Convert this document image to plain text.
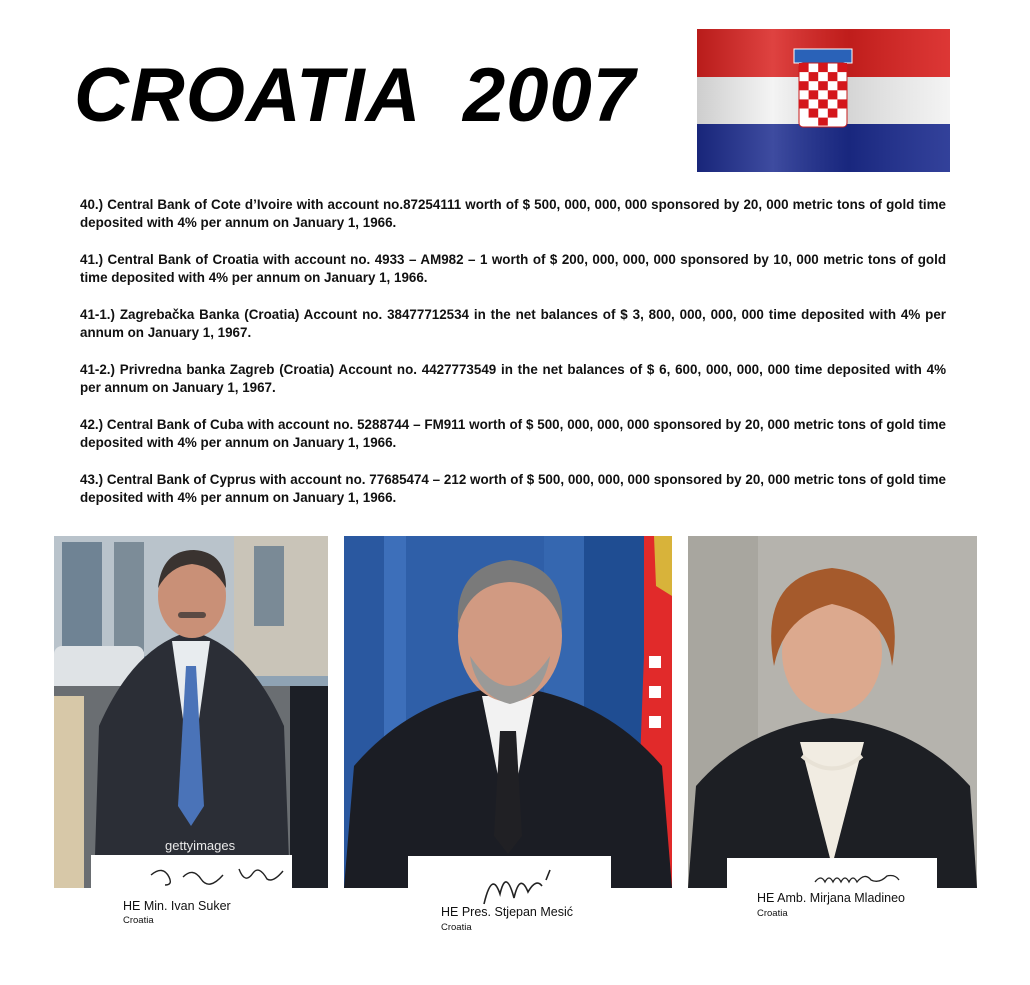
CROATIA  2007

40.) Central Bank of Cote d’Ivoire with account no.87254111 worth of $ 500, 000, 000, 000 sponsored by 20, 000 metric tons of gold time deposited with 4% per annum on January 1, 1966.

41.) Central Bank of Croatia with account no. 4933 – AM982 – 1 worth of $ 200, 000, 000, 000 sponsored by 10, 000 metric tons of gold time deposited with 4% per annum on January 1, 1966.

41-1.) Zagrebačka Banka (Croatia) Account no. 38477712534 in the net balances of $ 3, 800, 000, 000, 000 time deposited with 4% per annum on January 1, 1967.

41-2.) Privredna banka Zagreb (Croatia) Account no. 4427773549 in the net balances of $ 6, 600, 000, 000, 000 time deposited with 4% per annum on January 1, 1967.

42.) Central Bank of Cuba with account no. 5288744 – FM911 worth of $ 500, 000, 000, 000 sponsored by 20, 000 metric tons of gold time deposited with 4% per annum on January 1, 1966.

43.) Central Bank of Cyprus with account no. 77685474 – 212 worth of $ 500, 000, 000, 000 sponsored by 20, 000 metric tons of gold time deposited with 4% per annum on January 1, 1966.

gettyimages
HE Min. Ivan Suker
Croatia
HE Pres. Stjepan Mesić
Croatia
HE Amb. Mirjana Mladineo
Croatia
